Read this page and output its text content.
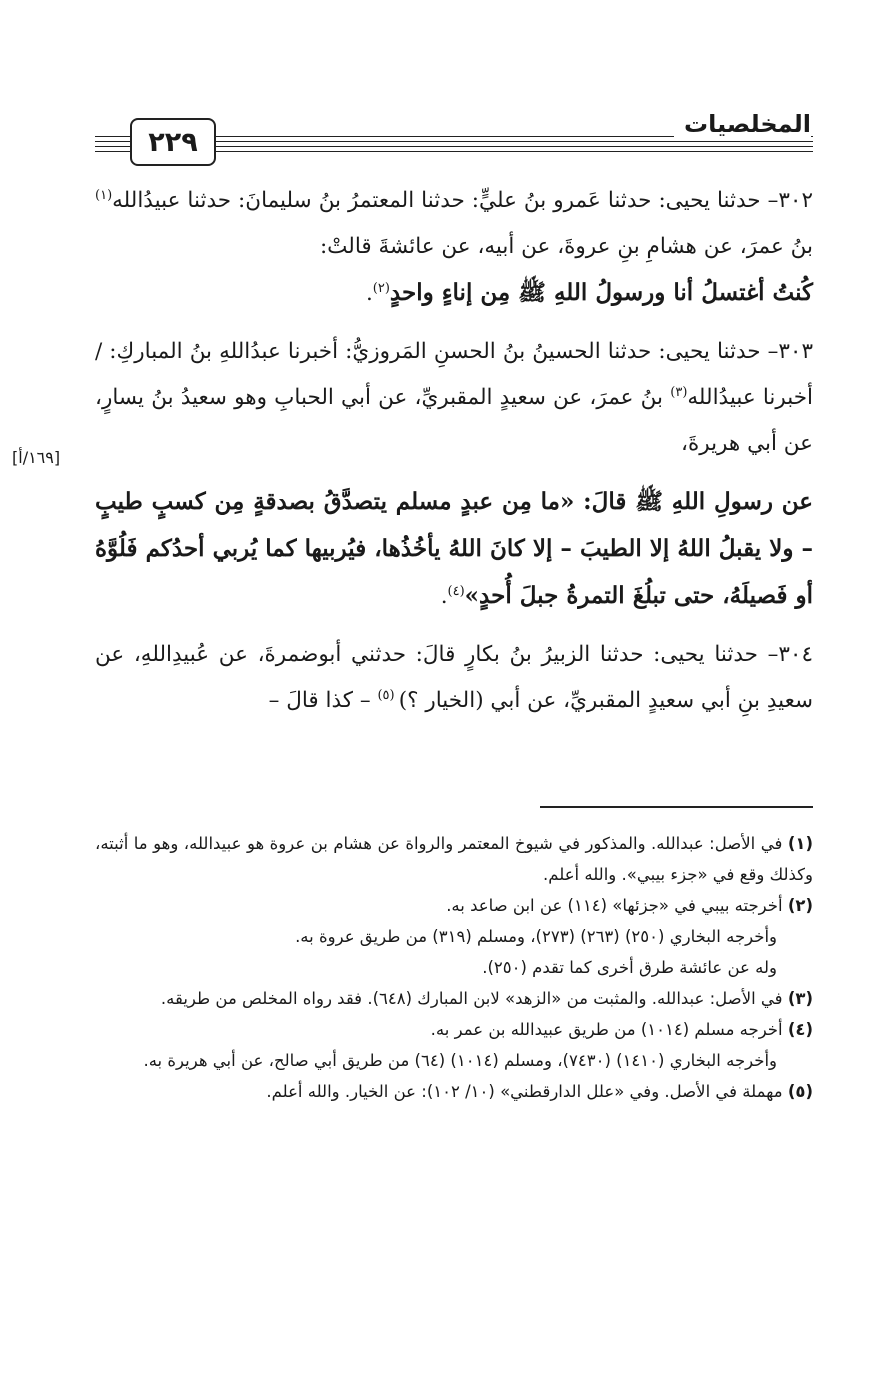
٢٢٩
المخلصيات
[١٦٩/أ]

٣٠٢– حدثنا يحيى: حدثنا عَمرو بنُ عليٍّ: حدثنا المعتمرُ بنُ سليمانَ: حدثنا عبيدُالله$^{(١)}$ بنُ عمرَ، عن هشامِ بنِ عروةَ، عن أبيه، عن عائشةَ قالتْ:
كُنتُ أغتسلُ أنا ورسولُ اللهِ ﷺ مِن إناءٍ واحدٍ$^{(٢)}$.

٣٠٣– حدثنا يحيى: حدثنا الحسينُ بنُ الحسنِ المَروزيُّ: أخبرنا عبدُاللهِ بنُ المباركِ: / أخبرنا عبيدُالله$^{(٣)}$ بنُ عمرَ، عن سعيدٍ المقبريِّ، عن أبي الحبابِ وهو سعيدُ بنُ يسارٍ، عن أبي هريرةَ،

عن رسولِ اللهِ ﷺ قالَ: «ما مِن عبدٍ مسلم يتصدَّقُ بصدقةٍ مِن كسبٍ طيبٍ – ولا يقبلُ اللهُ إلا الطيبَ – إلا كانَ اللهُ يأخُذُها، فيُربيها كما يُربي أحدُكم فَلُوَّهُ أو فَصيلَهُ، حتى تبلُغَ التمرةُ جبلَ أُحدٍ»$^{(٤)}$.

٣٠٤– حدثنا يحيى: حدثنا الزبيرُ بنُ بكارٍ قالَ: حدثني أبوضمرةَ، عن عُبيدِاللهِ، عن سعيدِ بنِ أبي سعيدٍ المقبريِّ، عن أبي (الخيار ؟) $^{(٥)}$ – كذا قالَ –

(١) في الأصل: عبدالله. والمذكور في شيوخ المعتمر والرواة عن هشام بن عروة هو عبيدالله، وهو ما أثبته، وكذلك وقع في «جزء بيبي». والله أعلم.

(٢) أخرجته بيبي في «جزئها» (١١٤) عن ابن صاعد به.

وأخرجه البخاري (٢٥٠) (٢٦٣) (٢٧٣)، ومسلم (٣١٩) من طريق عروة به.

وله عن عائشة طرق أخرى كما تقدم (٢٥٠).

(٣) في الأصل: عبدالله. والمثبت من «الزهد» لابن المبارك (٦٤٨). فقد رواه المخلص من طريقه.

(٤) أخرجه مسلم (١٠١٤) من طريق عبيدالله بن عمر به.

وأخرجه البخاري (١٤١٠) (٧٤٣٠)، ومسلم (١٠١٤) (٦٤) من طريق أبي صالح، عن أبي هريرة به.

(٥) مهملة في الأصل. وفي «علل الدارقطني» (١٠/ ١٠٢): عن الخيار. والله أعلم.
